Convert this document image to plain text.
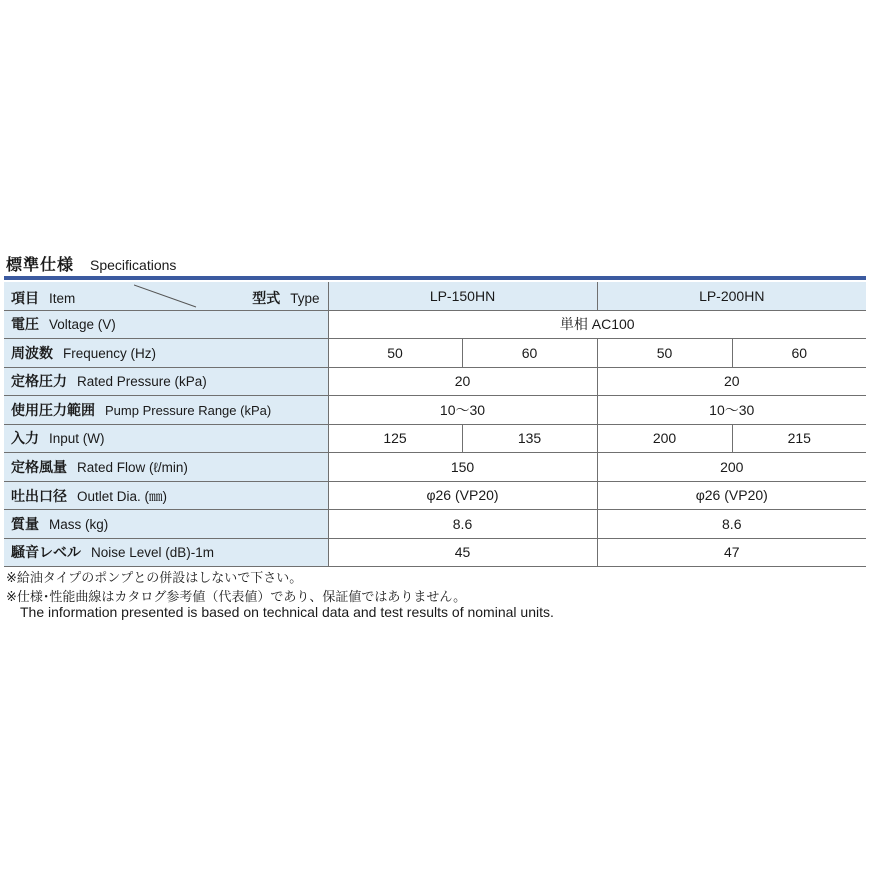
標準仕様 Specifications
項目 Item 型式 Type	LP-150HN		LP-200HN	
電圧 Voltage (V)	単相 AC100			
周波数 Frequency (Hz)	50	60	50	60
定格圧力 Rated Pressure (kPa)	20		20	
使用圧力範囲 Pump Pressure Range (kPa)	10〜30		10〜30	
入力 Input (W)	125	135	200	215
定格風量 Rated Flow (ℓ/min)	150		200	
吐出口径 Outlet Dia. (㎜)	φ26 (VP20)		φ26 (VP20)	
質量 Mass (kg)	8.6		8.6	
騒音レベル Noise Level (dB)-1m	45		47	
※給油タイプのポンプとの併設はしないで下さい。
※仕様･性能曲線はカタログ参考値（代表値）であり、保証値ではありません。
The information presented is based on technical data and test results of nominal units.
